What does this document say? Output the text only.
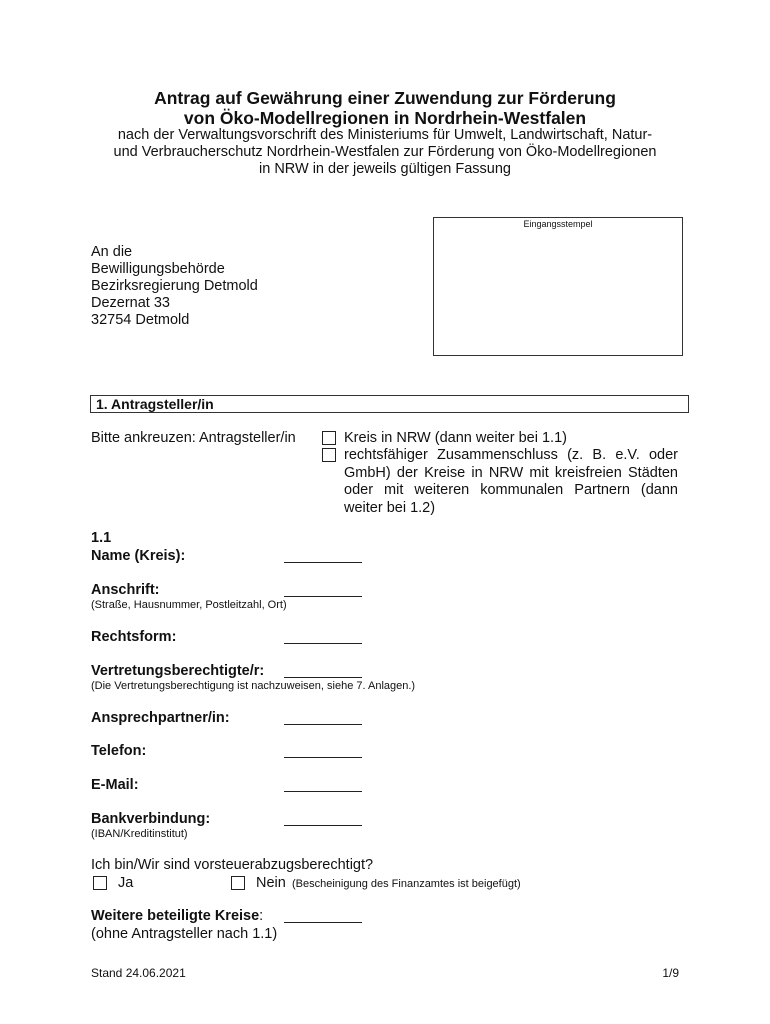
Antrag auf Gewährung einer Zuwendung zur Förderung
von Öko-Modellregionen in Nordrhein-Westfalen
nach der Verwaltungsvorschrift des Ministeriums für Umwelt, Landwirtschaft, Natur-
und Verbraucherschutz Nordrhein-Westfalen zur Förderung von Öko-Modellregionen
in NRW in der jeweils gültigen Fassung
Eingangsstempel
An die
Bewilligungsbehörde
Bezirksregierung Detmold
Dezernat 33
32754 Detmold
1. Antragsteller/in
Bitte ankreuzen: Antragsteller/in	Kreis in NRW (dann weiter bei 1.1)
rechtsfähiger Zusammenschluss (z. B. e.V. oder GmbH) der Kreise in NRW mit kreisfreien Städten oder mit weiteren kommunalen Partnern (dann weiter bei 1.2)
1.1
Name (Kreis):
Anschrift:
(Straße, Hausnummer, Postleitzahl, Ort)
Rechtsform:
Vertretungsberechtigte/r:
(Die Vertretungsberechtigung ist nachzuweisen, siehe 7. Anlagen.)
Ansprechpartner/in:
Telefon:
E-Mail:
Bankverbindung:
(IBAN/Kreditinstitut)
Ich bin/Wir sind vorsteuerabzugsberechtigt?
Ja	Nein (Bescheinigung des Finanzamtes ist beigefügt)
Weitere beteiligte Kreise:
(ohne Antragsteller nach 1.1)
Stand 24.06.2021	1/9
